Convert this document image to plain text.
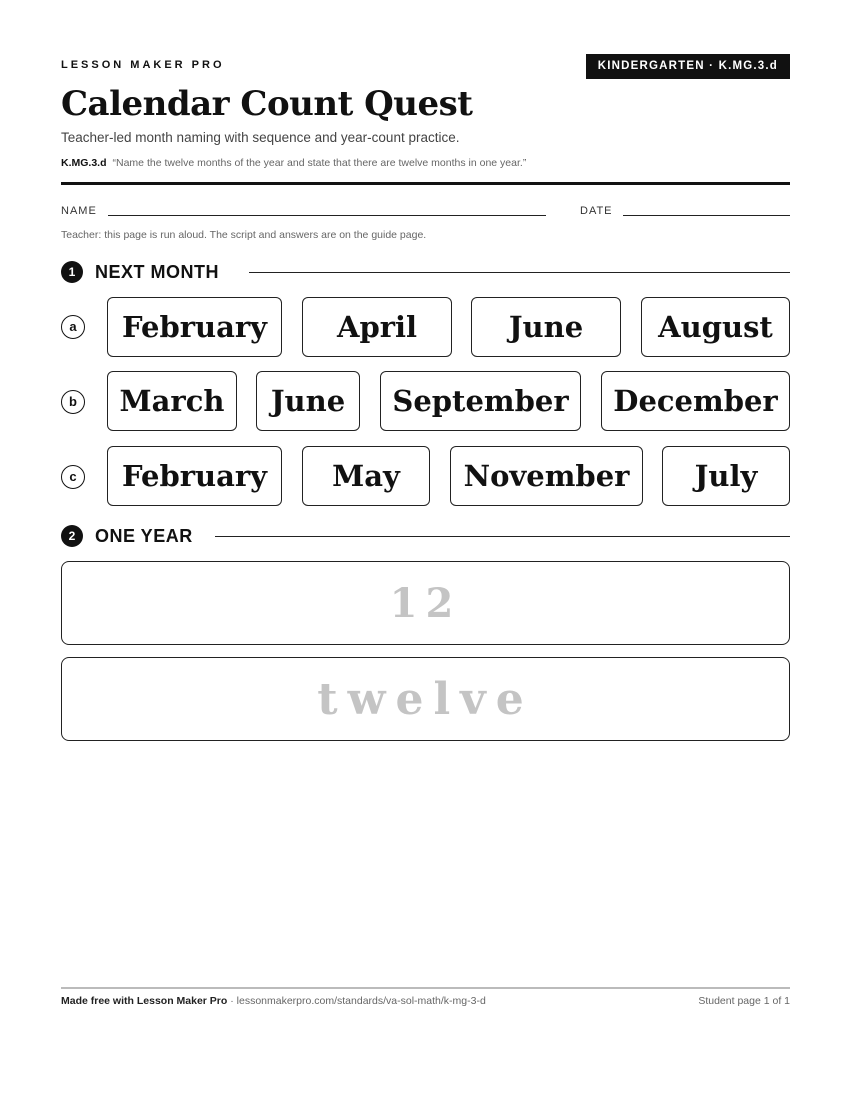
LESSON MAKER PRO	KINDERGARTEN · K.MG.3.d
Calendar Count Quest
Teacher-led month naming with sequence and year-count practice.
K.MG.3.d “Name the twelve months of the year and state that there are twelve months in one year.”
NAME	DATE
Teacher: this page is run aloud. The script and answers are on the guide page.
1	NEXT MONTH
a	February	April	June	August
b	March	June	September	December
c	February	May	November	July
2	ONE YEAR
12
twelve
Made free with Lesson Maker Pro · lessonmakerpro.com/standards/va-sol-math/k-mg-3-d	Student page 1 of 1
